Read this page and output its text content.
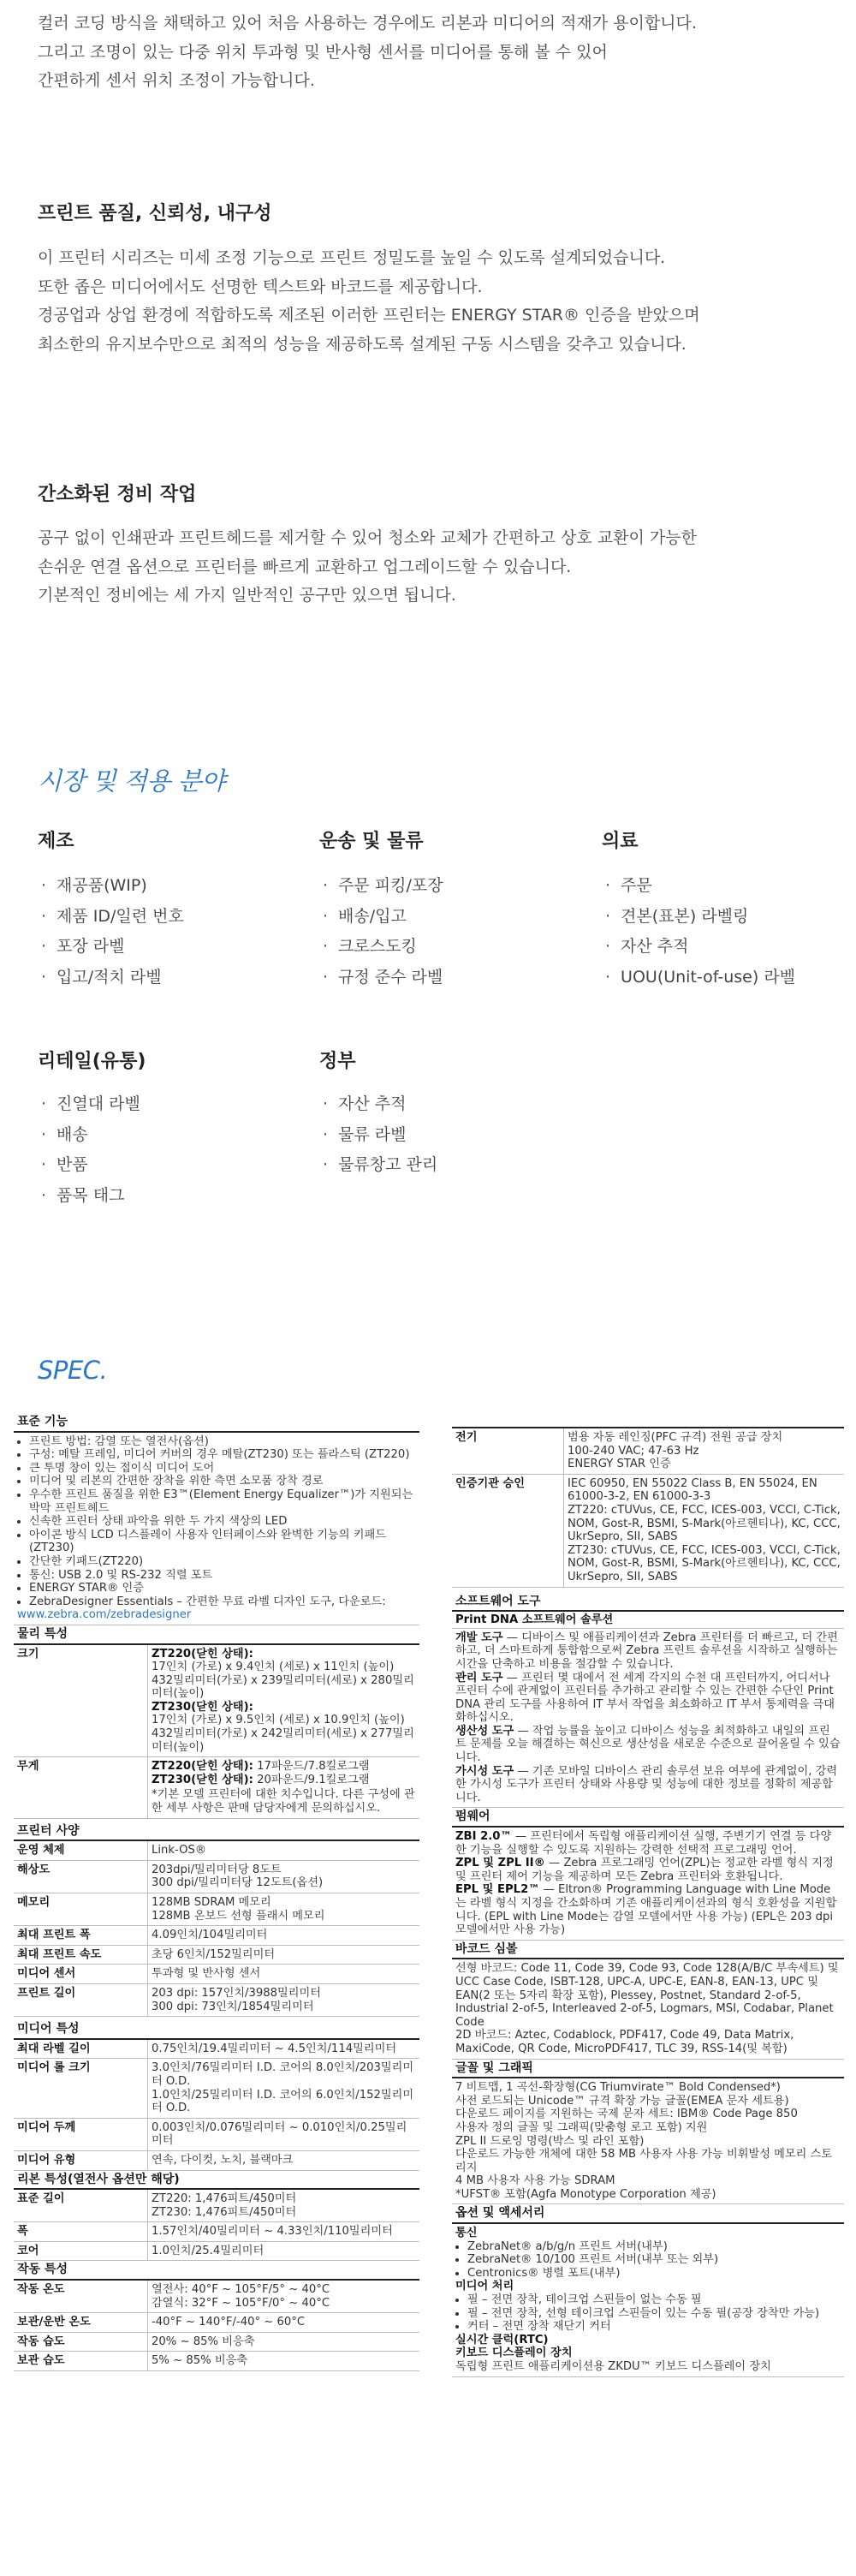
컬러 코딩 방식을 채택하고 있어 처음 사용하는 경우에도 리본과 미디어의 적재가 용이합니다.
그리고 조명이 있는 다중 위치 투과형 및 반사형 센서를 미디어를 통해 볼 수 있어
간편하게 센서 위치 조정이 가능합니다.
프린트 품질, 신뢰성, 내구성
이 프린터 시리즈는 미세 조정 기능으로 프린트 정밀도를 높일 수 있도록 설계되었습니다.
또한 좁은 미디어에서도 선명한 텍스트와 바코드를 제공합니다.
경공업과 상업 환경에 적합하도록 제조된 이러한 프린터는 ENERGY STAR® 인증을 받았으며
최소한의 유지보수만으로 최적의 성능을 제공하도록 설계된 구동 시스템을 갖추고 있습니다.
간소화된 정비 작업
공구 없이 인쇄판과 프린트헤드를 제거할 수 있어 청소와 교체가 간편하고 상호 교환이 가능한
손쉬운 연결 옵션으로 프린터를 빠르게 교환하고 업그레이드할 수 있습니다.
기본적인 정비에는 세 가지 일반적인 공구만 있으면 됩니다.
시장 및 적용 분야
제조
· 재공품(WIP)
· 제품 ID/일련 번호
· 포장 라벨
· 입고/적치 라벨
운송 및 물류
· 주문 피킹/포장
· 배송/입고
· 크로스도킹
· 규정 준수 라벨
의료
· 주문
· 견본(표본) 라벨링
· 자산 추적
· UOU(Unit-of-use) 라벨
리테일(유통)
· 진열대 라벨
· 배송
· 반품
· 품목 태그
정부
· 자산 추적
· 물류 라벨
· 물류창고 관리
SPEC.
표준 기능
• 프린트 방법: 감열 또는 열전사(옵션)
• 구성: 메탈 프레임, 미디어 커버의 경우 메탈(ZT230) 또는 플라스틱 (ZT220)
• 큰 투명 창이 있는 접이식 미디어 도어
• 미디어 및 리본의 간편한 장착을 위한 측면 소모품 장착 경로
• 우수한 프린트 품질을 위한 E3™(Element Energy Equalizer™)가 지원되는 박막 프린트헤드
• 신속한 프린터 상태 파악을 위한 두 가지 색상의 LED
• 아이콘 방식 LCD 디스플레이 사용자 인터페이스와 완벽한 기능의 키패드(ZT230)
• 간단한 키패드(ZT220)
• 통신: USB 2.0 및 RS-232 직렬 포트
• ENERGY STAR® 인증
• ZebraDesigner Essentials – 간편한 무료 라벨 디자인 도구, 다운로드:
www.zebra.com/zebradesigner
물리 특성
크기	ZT220(닫힌 상태):
17인치 (가로) x 9.4인치 (세로) x 11인치 (높이) 432밀리미터(가로) x 239밀리미터(세로) x 280밀리미터(높이)
ZT230(닫힌 상태):
17인치 (가로) x 9.5인치 (세로) x 10.9인치 (높이) 432밀리미터(가로) x 242밀리미터(세로) x 277밀리미터(높이)
무게	ZT220(닫힌 상태): 17파운드/7.8킬로그램
ZT230(닫힌 상태): 20파운드/9.1킬로그램
*기본 모델 프린터에 대한 치수입니다. 다른 구성에 관한 세부 사항은 판매 담당자에게 문의하십시오.
프린터 사양
운영 체제	Link-OS®
해상도	203dpi/밀리미터당 8도트
300 dpi/밀리미터당 12도트(옵션)
메모리	128MB SDRAM 메모리
128MB 온보드 선형 플래시 메모리
최대 프린트 폭	4.09인치/104밀리미터
최대 프린트 속도	초당 6인치/152밀리미터
미디어 센서	투과형 및 반사형 센서
프린트 길이	203 dpi: 157인치/3988밀리미터
300 dpi: 73인치/1854밀리미터
미디어 특성
최대 라벨 길이	0.75인치/19.4밀리미터 ~ 4.5인치/114밀리미터
미디어 롤 크기	3.0인치/76밀리미터 I.D. 코어의 8.0인치/203밀리미터 O.D.
1.0인치/25밀리미터 I.D. 코어의 6.0인치/152밀리미터 O.D.
미디어 두께	0.003인치/0.076밀리미터 ~ 0.010인치/0.25밀리미터
미디어 유형	연속, 다이컷, 노치, 블랙마크
리본 특성(열전사 옵션만 해당)
표준 길이	ZT220: 1,476피트/450미터
ZT230: 1,476피트/450미터
폭	1.57인치/40밀리미터 ~ 4.33인치/110밀리미터
코어	1.0인치/25.4밀리미터
작동 특성
작동 온도	열전사: 40°F ~ 105°F/5° ~ 40°C
감열식: 32°F ~ 105°F/0° ~ 40°C
보관/운반 온도	-40°F ~ 140°F/-40° ~ 60°C
작동 습도	20% ~ 85% 비응축
보관 습도	5% ~ 85% 비응축
전기	범용 자동 레인징(PFC 규격) 전원 공급 장치
100-240 VAC; 47-63 Hz
ENERGY STAR 인증
인증기관 승인	IEC 60950, EN 55022 Class B, EN 55024, EN 61000-3-2, EN 61000-3-3
ZT220: cTUVus, CE, FCC, ICES-003, VCCI, C-Tick, NOM, Gost-R, BSMI, S-Mark(아르헨티나), KC, CCC, UkrSepro, SII, SABS
ZT230: cTUVus, CE, FCC, ICES-003, VCCI, C-Tick, NOM, Gost-R, BSMI, S-Mark(아르헨티나), KC, CCC, UkrSepro, SII, SABS
소프트웨어 도구
Print DNA 소프트웨어 솔루션
개발 도구 — 디바이스 및 애플리케이션과 Zebra 프린터를 더 빠르고, 더 간편하고, 더 스마트하게 통합함으로써 Zebra 프린트 솔루션을 시작하고 실행하는 시간을 단축하고 비용을 절감할 수 있습니다.
관리 도구 — 프린터 몇 대에서 전 세계 각지의 수천 대 프린터까지, 어디서나 프린터 수에 관계없이 프린터를 추가하고 관리할 수 있는 간편한 수단인 Print DNA 관리 도구를 사용하여 IT 부서 작업을 최소화하고 IT 부서 통제력을 극대화하십시오.
생산성 도구 — 작업 능률을 높이고 디바이스 성능을 최적화하고 내일의 프린트 문제를 오늘 해결하는 혁신으로 생산성을 새로운 수준으로 끌어올릴 수 있습니다.
가시성 도구 — 기존 모바일 디바이스 관리 솔루션 보유 여부에 관계없이, 강력한 가시성 도구가 프린터 상태와 사용량 및 성능에 대한 정보를 정확히 제공합니다.
펌웨어
ZBI 2.0™ — 프린터에서 독립형 애플리케이션 실행, 주변기기 연결 등 다양한 기능을 실행할 수 있도록 지원하는 강력한 선택적 프로그래밍 언어.
ZPL 및 ZPL II® — Zebra 프로그래밍 언어(ZPL)는 정교한 라벨 형식 지정 및 프린터 제어 기능을 제공하며 모든 Zebra 프린터와 호환됩니다.
EPL 및 EPL2™ — Eltron® Programming Language with Line Mode는 라벨 형식 지정을 간소화하며 기존 애플리케이션과의 형식 호환성을 지원합니다. (EPL with Line Mode는 감열 모델에서만 사용 가능) (EPL은 203 dpi 모델에서만 사용 가능)
바코드 심볼
선형 바코드: Code 11, Code 39, Code 93, Code 128(A/B/C 부속세트) 및 UCC Case Code, ISBT-128, UPC-A, UPC-E, EAN-8, EAN-13, UPC 및 EAN(2 또는 5자리 확장 포함), Plessey, Postnet, Standard 2-of-5, Industrial 2-of-5, Interleaved 2-of-5, Logmars, MSI, Codabar, Planet Code
2D 바코드: Aztec, Codablock, PDF417, Code 49, Data Matrix, MaxiCode, QR Code, MicroPDF417, TLC 39, RSS-14(및 복합)
글꼴 및 그래픽
7 비트맵, 1 곡선-확장형(CG Triumvirate™ Bold Condensed*)
사전 로드되는 Unicode™ 규격 확장 가능 글꼴(EMEA 문자 세트용)
다운로드 페이지를 지원하는 국제 문자 세트: IBM® Code Page 850
사용자 정의 글꼴 및 그래픽(맞춤형 로고 포함) 지원
ZPL II 드로잉 명령(박스 및 라인 포함)
다운로드 가능한 개체에 대한 58 MB 사용자 사용 가능 비휘발성 메모리 스토리지
4 MB 사용자 사용 가능 SDRAM
*UFST® 포함(Agfa Monotype Corporation 제공)
옵션 및 액세서리
통신
• ZebraNet® a/b/g/n 프린트 서버(내부)
• ZebraNet® 10/100 프린트 서버(내부 또는 외부)
• Centronics® 병렬 포트(내부)
미디어 처리
• 필 – 전면 장착, 테이크업 스핀들이 없는 수동 필
• 필 – 전면 장착, 선형 테이크업 스핀들이 있는 수동 필(공장 장착만 가능)
• 커터 – 전면 장착 재단기 커터
실시간 클럭(RTC)
키보드 디스플레이 장치
독립형 프린트 애플리케이션용 ZKDU™ 키보드 디스플레이 장치
